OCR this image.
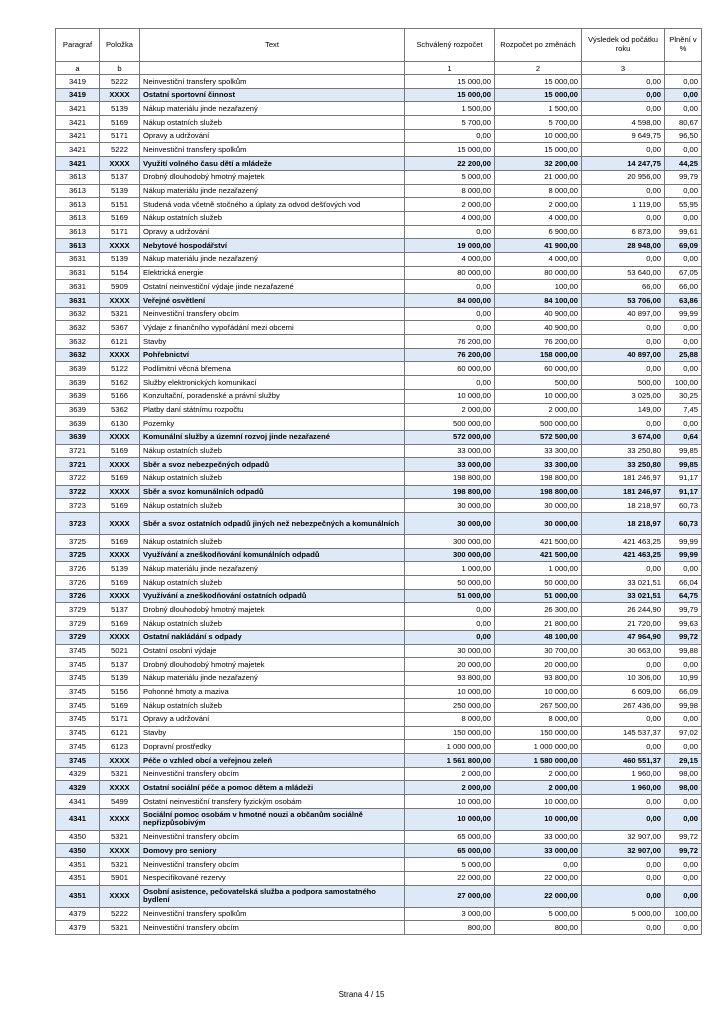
Paragraf	Položka	Text	Schválený rozpočet	Rozpočet po změnách	Výsledek od počátku roku	Plnění v %
a	b		1	2	3	
3419	5222	Neinvestiční transfery spolkům	15 000,00	15 000,00	0,00	0,00
3419	XXXX	Ostatní sportovní činnost	15 000,00	15 000,00	0,00	0,00
3421	5139	Nákup materiálu jinde nezařazený	1 500,00	1 500,00	0,00	0,00
3421	5169	Nákup ostatních služeb	5 700,00	5 700,00	4 598,00	80,67
3421	5171	Opravy a udržování	0,00	10 000,00	9 649,75	96,50
3421	5222	Neinvestiční transfery spolkům	15 000,00	15 000,00	0,00	0,00
3421	XXXX	Využití volného času dětí a mládeže	22 200,00	32 200,00	14 247,75	44,25
3613	5137	Drobný dlouhodobý hmotný majetek	5 000,00	21 000,00	20 956,00	99,79
3613	5139	Nákup materiálu jinde nezařazený	8 000,00	8 000,00	0,00	0,00
3613	5151	Studená voda včetně stočného a úplaty za odvod dešťových vod	2 000,00	2 000,00	1 119,00	55,95
3613	5169	Nákup ostatních služeb	4 000,00	4 000,00	0,00	0,00
3613	5171	Opravy a udržování	0,00	6 900,00	6 873,00	99,61
3613	XXXX	Nebytové hospodářství	19 000,00	41 900,00	28 948,00	69,09
3631	5139	Nákup materiálu jinde nezařazený	4 000,00	4 000,00	0,00	0,00
3631	5154	Elektrická energie	80 000,00	80 000,00	53 640,00	67,05
3631	5909	Ostatní neinvestiční výdaje jinde nezařazené	0,00	100,00	66,00	66,00
3631	XXXX	Veřejné osvětlení	84 000,00	84 100,00	53 706,00	63,86
3632	5321	Neinvestiční transfery obcím	0,00	40 900,00	40 897,00	99,99
3632	5367	Výdaje z finančního vypořádání mezi obcemi	0,00	40 900,00	0,00	0,00
3632	6121	Stavby	76 200,00	76 200,00	0,00	0,00
3632	XXXX	Pohřebnictví	76 200,00	158 000,00	40 897,00	25,88
3639	5122	Podlimitní věcná břemena	60 000,00	60 000,00	0,00	0,00
3639	5162	Služby elektronických komunikací	0,00	500,00	500,00	100,00
3639	5166	Konzultační, poradenské a právní služby	10 000,00	10 000,00	3 025,00	30,25
3639	5362	Platby daní státnímu rozpočtu	2 000,00	2 000,00	149,00	7,45
3639	6130	Pozemky	500 000,00	500 000,00	0,00	0,00
3639	XXXX	Komunální služby a územní rozvoj jinde nezařazené	572 000,00	572 500,00	3 674,00	0,64
3721	5169	Nákup ostatních služeb	33 000,00	33 300,00	33 250,80	99,85
3721	XXXX	Sběr a svoz nebezpečných odpadů	33 000,00	33 300,00	33 250,80	99,85
3722	5169	Nákup ostatních služeb	198 800,00	198 800,00	181 246,97	91,17
3722	XXXX	Sběr a svoz komunálních odpadů	198 800,00	198 800,00	181 246,97	91,17
3723	5169	Nákup ostatních služeb	30 000,00	30 000,00	18 218,97	60,73
3723	XXXX	Sběr a svoz ostatních odpadů jiných než nebezpečných a komunálních	30 000,00	30 000,00	18 218,97	60,73
3725	5169	Nákup ostatních služeb	300 000,00	421 500,00	421 463,25	99,99
3725	XXXX	Využívání a zneškodňování komunálních odpadů	300 000,00	421 500,00	421 463,25	99,99
3726	5139	Nákup materiálu jinde nezařazený	1 000,00	1 000,00	0,00	0,00
3726	5169	Nákup ostatních služeb	50 000,00	50 000,00	33 021,51	66,04
3726	XXXX	Využívání a zneškodňování ostatních odpadů	51 000,00	51 000,00	33 021,51	64,75
3729	5137	Drobný dlouhodobý hmotný majetek	0,00	26 300,00	26 244,90	99,79
3729	5169	Nákup ostatních služeb	0,00	21 800,00	21 720,00	99,63
3729	XXXX	Ostatní nakládání s odpady	0,00	48 100,00	47 964,90	99,72
3745	5021	Ostatní osobní výdaje	30 000,00	30 700,00	30 663,00	99,88
3745	5137	Drobný dlouhodobý hmotný majetek	20 000,00	20 000,00	0,00	0,00
3745	5139	Nákup materiálu jinde nezařazený	93 800,00	93 800,00	10 306,00	10,99
3745	5156	Pohonné hmoty a maziva	10 000,00	10 000,00	6 609,00	66,09
3745	5169	Nákup ostatních služeb	250 000,00	267 500,00	267 436,00	99,98
3745	5171	Opravy a udržování	8 000,00	8 000,00	0,00	0,00
3745	6121	Stavby	150 000,00	150 000,00	145 537,37	97,02
3745	6123	Dopravní prostředky	1 000 000,00	1 000 000,00	0,00	0,00
3745	XXXX	Péče o vzhled obcí a veřejnou zeleň	1 561 800,00	1 580 000,00	460 551,37	29,15
4329	5321	Neinvestiční transfery obcím	2 000,00	2 000,00	1 960,00	98,00
4329	XXXX	Ostatní sociální péče a pomoc dětem a mládeži	2 000,00	2 000,00	1 960,00	98,00
4341	5499	Ostatní neinvestiční transfery fyzickým osobám	10 000,00	10 000,00	0,00	0,00
4341	XXXX	Sociální pomoc osobám v hmotné nouzi a občanům sociálně nepřizpůsobivým	10 000,00	10 000,00	0,00	0,00
4350	5321	Neinvestiční transfery obcím	65 000,00	33 000,00	32 907,00	99,72
4350	XXXX	Domovy pro seniory	65 000,00	33 000,00	32 907,00	99,72
4351	5321	Neinvestiční transfery obcím	5 000,00	0,00	0,00	0,00
4351	5901	Nespecifikované rezervy	22 000,00	22 000,00	0,00	0,00
4351	XXXX	Osobní asistence, pečovatelská služba a podpora samostatného bydlení	27 000,00	22 000,00	0,00	0,00
4379	5222	Neinvestiční transfery spolkům	3 000,00	5 000,00	5 000,00	100,00
4379	5321	Neinvestiční transfery obcím	800,00	800,00	0,00	0,00
Strana 4 / 15
